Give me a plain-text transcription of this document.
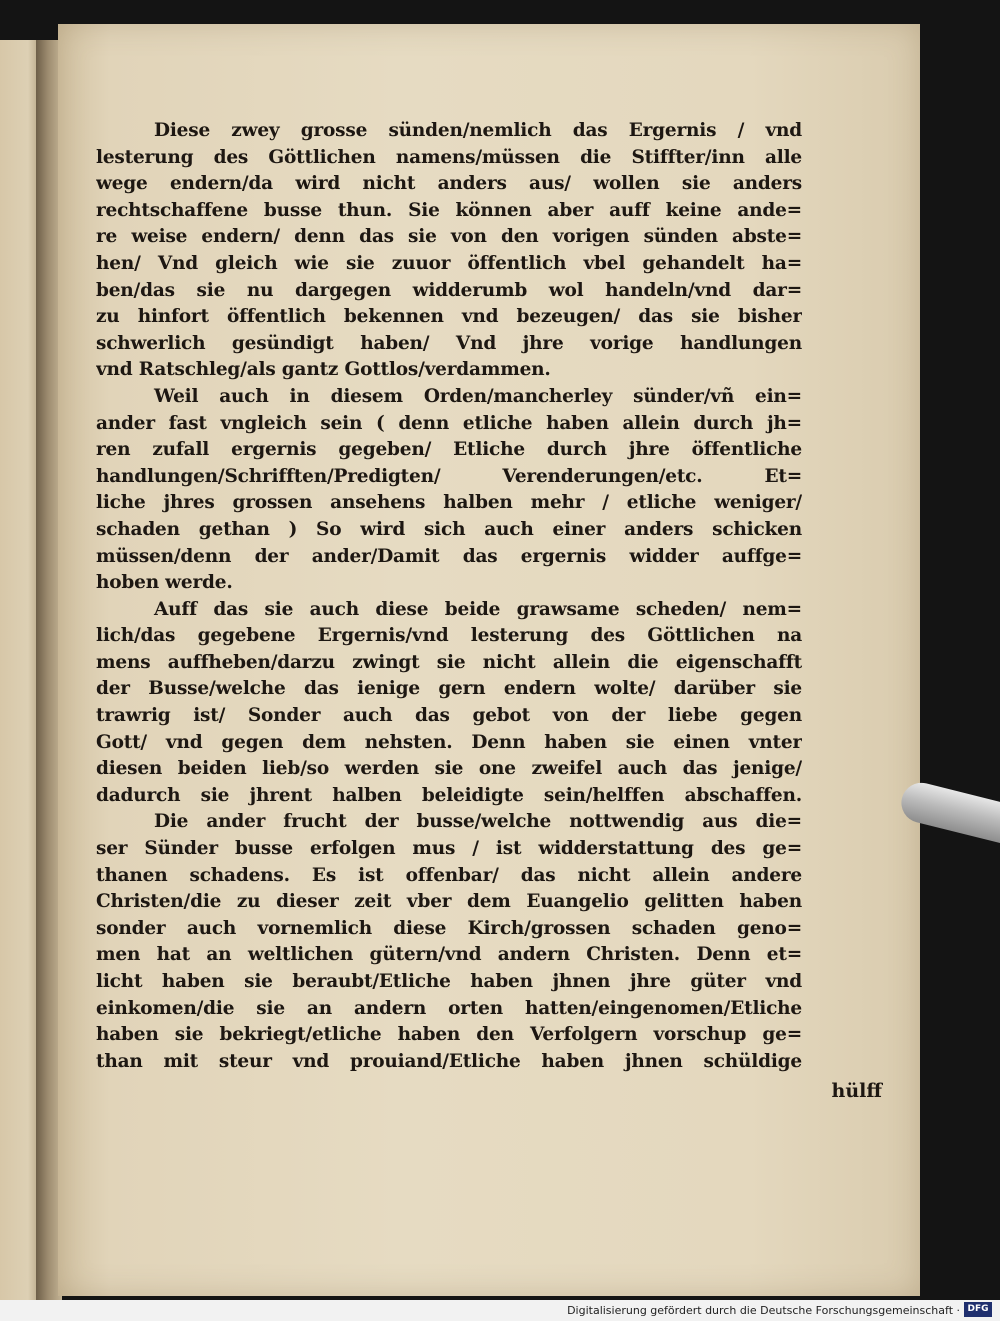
Diese zwey grosse sünden/nemlich das Ergernis / vnd
lesterung des Göttlichen namens/müssen die Stiffter/inn alle
wege endern/da wird nicht anders aus/ wollen sie anders
rechtschaffene busse thun. Sie können aber auff keine ande=
re weise endern/ denn das sie von den vorigen sünden abste=
hen/ Vnd gleich wie sie zuuor öffentlich vbel gehandelt ha=
ben/das sie nu dargegen widderumb wol handeln/vnd dar=
zu hinfort öffentlich bekennen vnd bezeugen/ das sie bisher
schwerlich gesündigt haben/ Vnd jhre vorige handlungen
vnd Ratschleg/als gantz Gottlos/verdammen.
Weil auch in diesem Orden/mancherley sünder/vñ ein=
ander fast vngleich sein ( denn etliche haben allein durch jh=
ren zufall ergernis gegeben/ Etliche durch jhre öffentliche
handlungen/Schrifften/Predigten/ Verenderungen/etc. Et=
liche jhres grossen ansehens halben mehr / etliche weniger/
schaden gethan ) So wird sich auch einer anders schicken
müssen/denn der ander/Damit das ergernis widder auffge=
hoben werde.
Auff das sie auch diese beide grawsame scheden/ nem=
lich/das gegebene Ergernis/vnd lesterung des Göttlichen na
mens auffheben/darzu zwingt sie nicht allein die eigenschafft
der Busse/welche das ienige gern endern wolte/ darüber sie
trawrig ist/ Sonder auch das gebot von der liebe gegen
Gott/ vnd gegen dem nehsten. Denn haben sie einen vnter
diesen beiden lieb/so werden sie one zweifel auch das jenige/
dadurch sie jhrent halben beleidigte sein/helffen abschaffen.
Die ander frucht der busse/welche nottwendig aus die=
ser Sünder busse erfolgen mus / ist widderstattung des ge=
thanen schadens. Es ist offenbar/ das nicht allein andere
Christen/die zu dieser zeit vber dem Euangelio gelitten haben
sonder auch vornemlich diese Kirch/grossen schaden geno=
men hat an weltlichen gütern/vnd andern Christen. Denn et=
licht haben sie beraubt/Etliche haben jhnen jhre güter vnd
einkomen/die sie an andern orten hatten/eingenomen/Etliche
haben sie bekriegt/etliche haben den Verfolgern vorschup ge=
than mit steur vnd prouiand/Etliche haben jhnen schüldige
hülff
Digitalisierung gefördert durch die Deutsche Forschungsgemeinschaft · DFG
